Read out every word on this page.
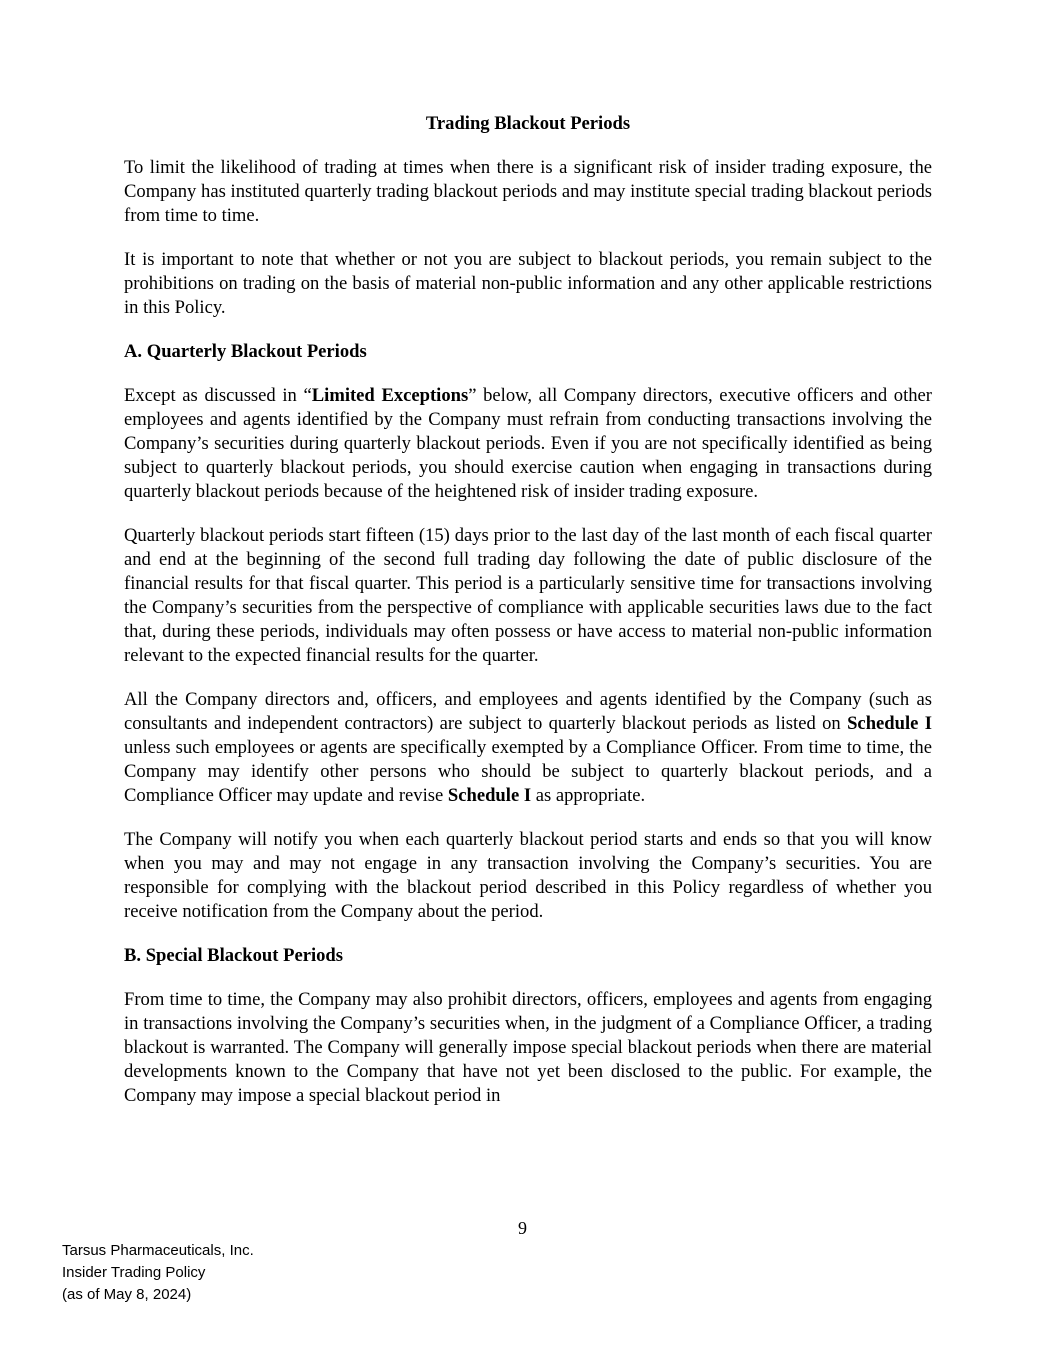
Trading Blackout Periods

To limit the likelihood of trading at times when there is a significant risk of insider trading exposure, the Company has instituted quarterly trading blackout periods and may institute special trading blackout periods from time to time.

It is important to note that whether or not you are subject to blackout periods, you remain subject to the prohibitions on trading on the basis of material non-public information and any other applicable restrictions in this Policy.

A. Quarterly Blackout Periods

Except as discussed in “Limited Exceptions” below, all Company directors, executive officers and other employees and agents identified by the Company must refrain from conducting transactions involving the Company’s securities during quarterly blackout periods. Even if you are not specifically identified as being subject to quarterly blackout periods, you should exercise caution when engaging in transactions during quarterly blackout periods because of the heightened risk of insider trading exposure.

Quarterly blackout periods start fifteen (15) days prior to the last day of the last month of each fiscal quarter and end at the beginning of the second full trading day following the date of public disclosure of the financial results for that fiscal quarter. This period is a particularly sensitive time for transactions involving the Company’s securities from the perspective of compliance with applicable securities laws due to the fact that, during these periods, individuals may often possess or have access to material non-public information relevant to the expected financial results for the quarter.

All the Company directors and, officers, and employees and agents identified by the Company (such as consultants and independent contractors) are subject to quarterly blackout periods as listed on Schedule I unless such employees or agents are specifically exempted by a Compliance Officer. From time to time, the Company may identify other persons who should be subject to quarterly blackout periods, and a Compliance Officer may update and revise Schedule I as appropriate.

The Company will notify you when each quarterly blackout period starts and ends so that you will know when you may and may not engage in any transaction involving the Company’s securities. You are responsible for complying with the blackout period described in this Policy regardless of whether you receive notification from the Company about the period.

B. Special Blackout Periods

From time to time, the Company may also prohibit directors, officers, employees and agents from engaging in transactions involving the Company’s securities when, in the judgment of a Compliance Officer, a trading blackout is warranted. The Company will generally impose special blackout periods when there are material developments known to the Company that have not yet been disclosed to the public. For example, the Company may impose a special blackout period in

9
Tarsus Pharmaceuticals, Inc.
Insider Trading Policy
(as of May 8, 2024)
